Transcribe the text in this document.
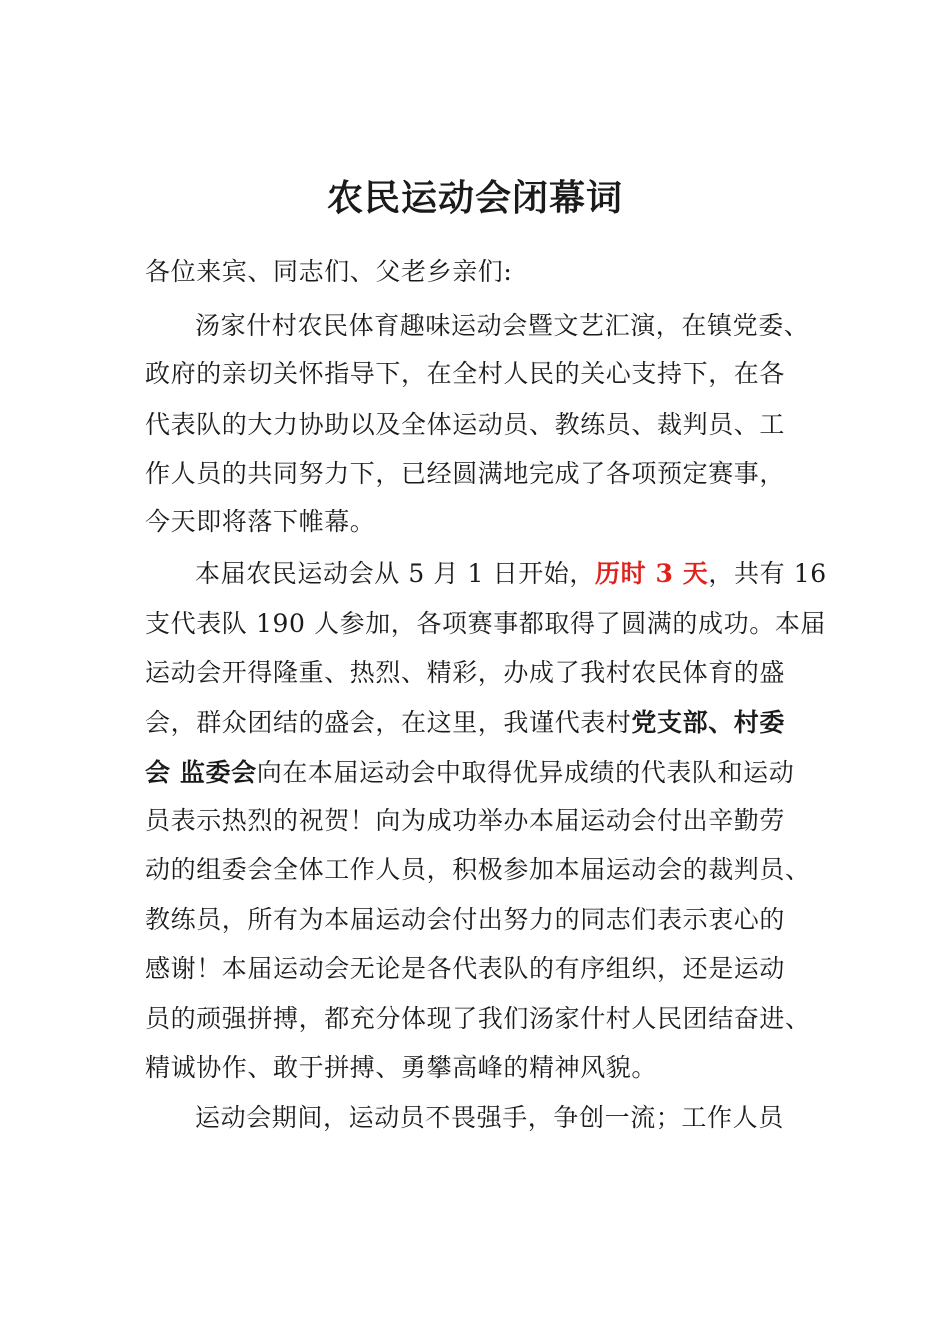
农民运动会闭幕词
各位来宾、同志们、父老乡亲们:
汤家什村农民体育趣味运动会暨文艺汇演，在镇党委、
政府的亲切关怀指导下，在全村人民的关心支持下，在各
代表队的大力协助以及全体运动员、教练员、裁判员、工
作人员的共同努力下，已经圆满地完成了各项预定赛事，
今天即将落下帷幕。
本届农民运动会从 5 月 1 日开始，历时 3 天，共有 16
支代表队 190 人参加，各项赛事都取得了圆满的成功。本届
运动会开得隆重、热烈、精彩，办成了我村农民体育的盛
会，群众团结的盛会，在这里，我谨代表村党支部、村委
会 监委会向在本届运动会中取得优异成绩的代表队和运动
员表示热烈的祝贺！向为成功举办本届运动会付出辛勤劳
动的组委会全体工作人员，积极参加本届运动会的裁判员、
教练员，所有为本届运动会付出努力的同志们表示衷心的
感谢！本届运动会无论是各代表队的有序组织，还是运动
员的顽强拼搏，都充分体现了我们汤家什村人民团结奋进、
精诚协作、敢于拼搏、勇攀高峰的精神风貌。
运动会期间，运动员不畏强手，争创一流；工作人员
